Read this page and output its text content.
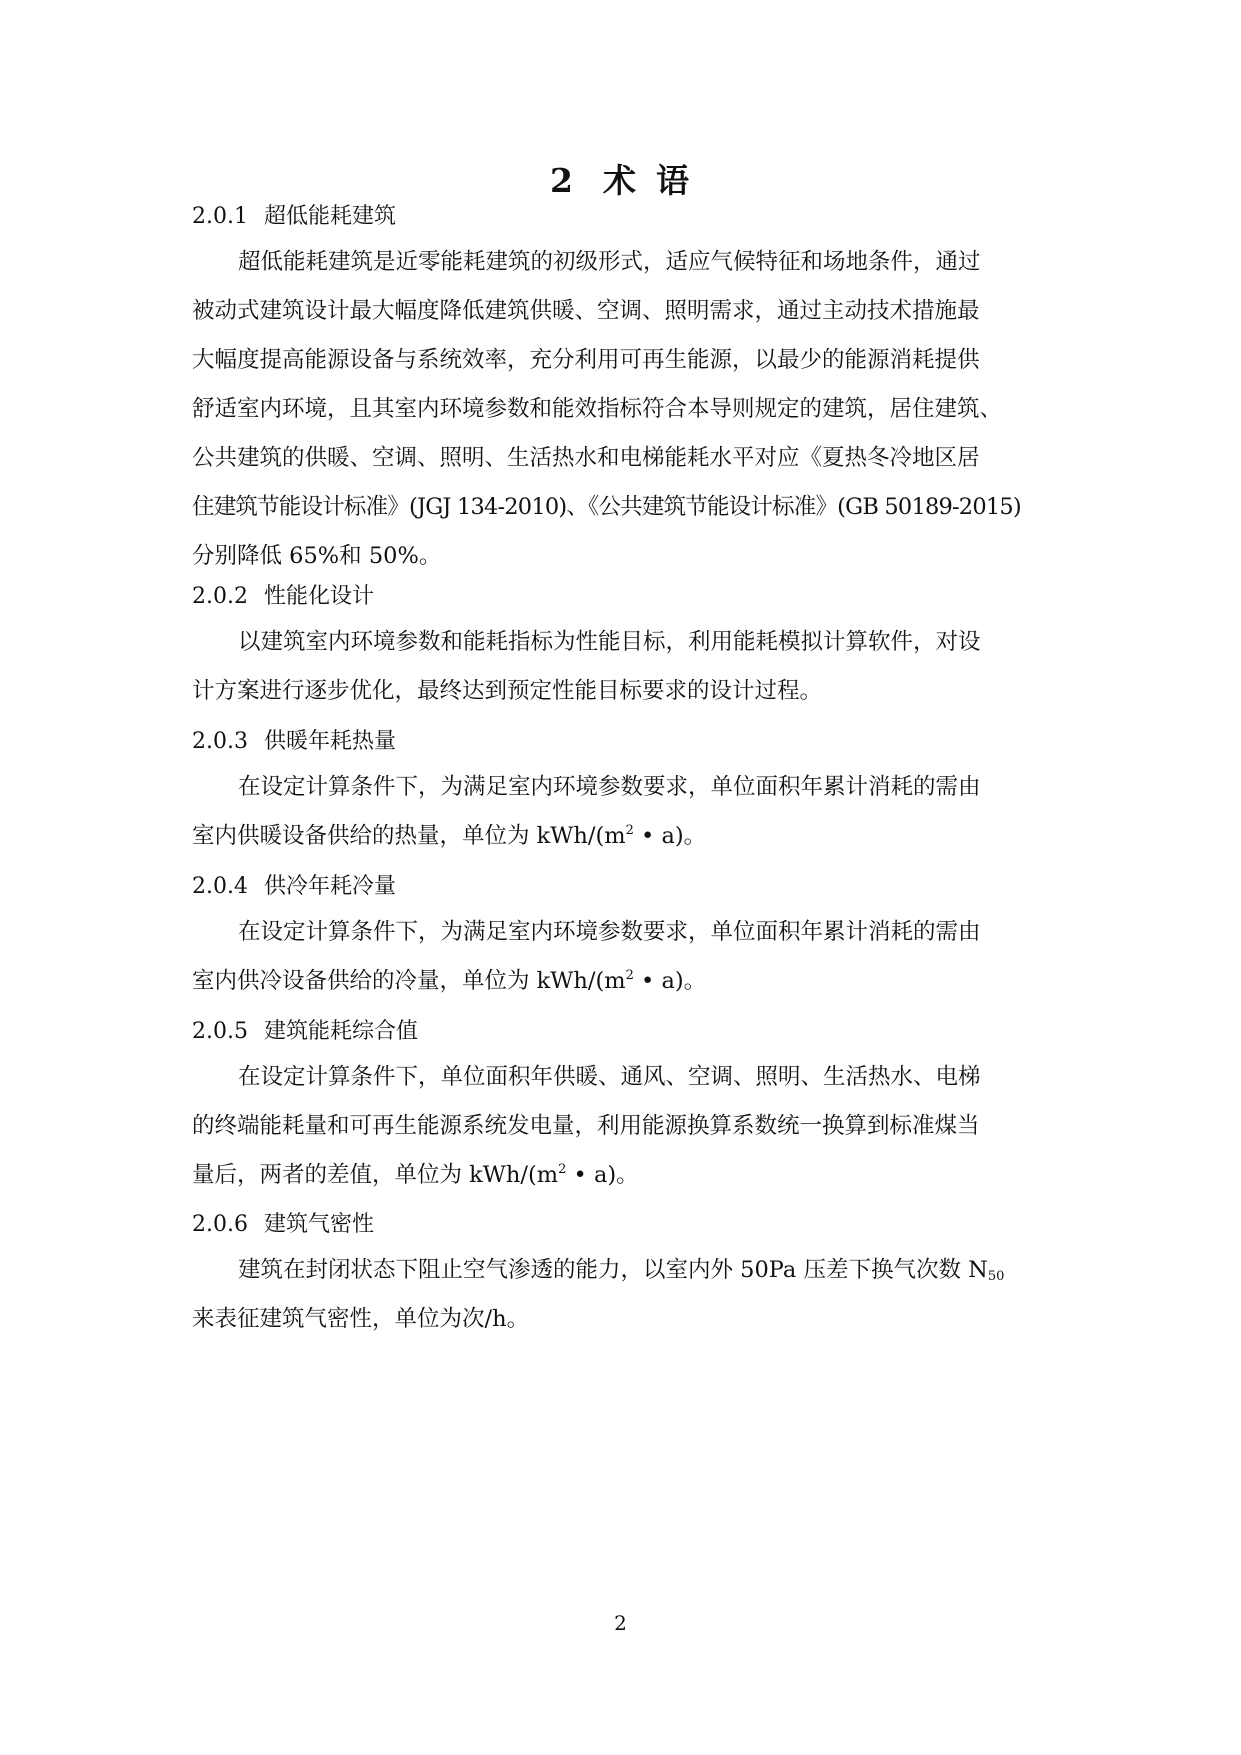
2 术 语
2.0.1 超低能耗建筑
超低能耗建筑是近零能耗建筑的初级形式，适应气候特征和场地条件，通过
被动式建筑设计最大幅度降低建筑供暖、空调、照明需求，通过主动技术措施最
大幅度提高能源设备与系统效率，充分利用可再生能源，以最少的能源消耗提供
舒适室内环境，且其室内环境参数和能效指标符合本导则规定的建筑，居住建筑、
公共建筑的供暖、空调、照明、生活热水和电梯能耗水平对应《夏热冬冷地区居
住建筑节能设计标准》(JGJ 134-2010)、《公共建筑节能设计标准》(GB 50189-2015)
分别降低 65%和 50%。
2.0.2 性能化设计
以建筑室内环境参数和能耗指标为性能目标，利用能耗模拟计算软件，对设
计方案进行逐步优化，最终达到预定性能目标要求的设计过程。
2.0.3 供暖年耗热量
在设定计算条件下，为满足室内环境参数要求，单位面积年累计消耗的需由
室内供暖设备供给的热量，单位为 kWh/($m^2$ • a)。
2.0.4 供冷年耗冷量
在设定计算条件下，为满足室内环境参数要求，单位面积年累计消耗的需由
室内供冷设备供给的冷量，单位为 kWh/($m^2$ • a)。
2.0.5 建筑能耗综合值
在设定计算条件下，单位面积年供暖、通风、空调、照明、生活热水、电梯
的终端能耗量和可再生能源系统发电量，利用能源换算系数统一换算到标准煤当
量后，两者的差值，单位为 kWh/($m^2$ • a)。
2.0.6 建筑气密性
建筑在封闭状态下阻止空气渗透的能力，以室内外 50Pa 压差下换气次数 $N_{50}$
来表征建筑气密性，单位为次/h。
2
